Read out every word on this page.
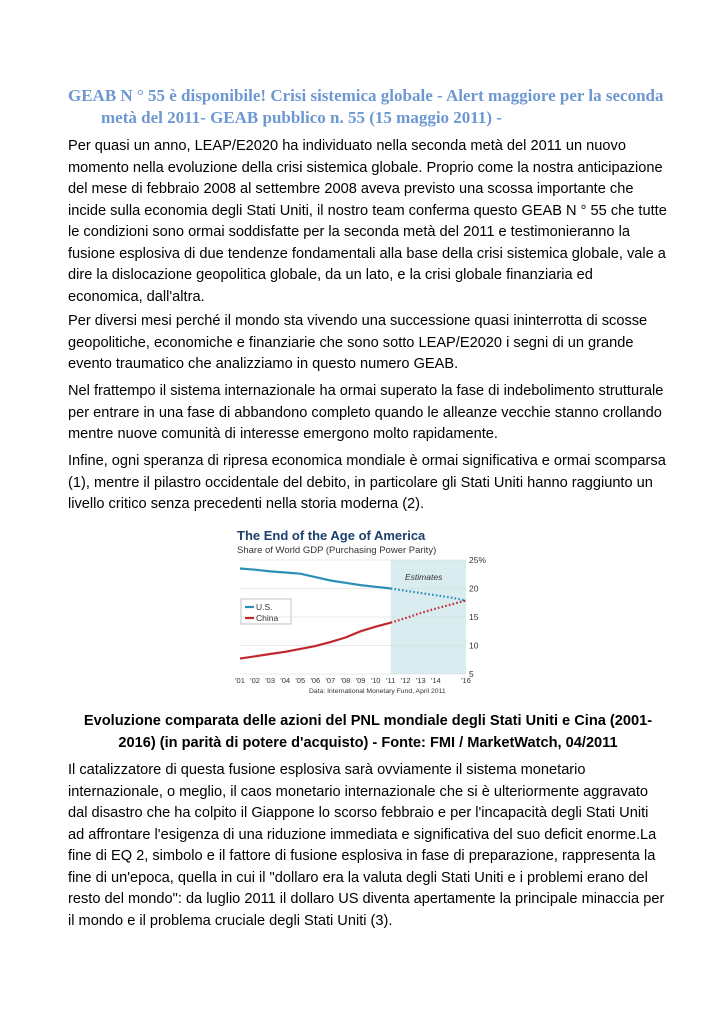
GEAB N ° 55 è disponibile! Crisi sistemica globale - Alert maggiore per la seconda
metà del 2011- GEAB pubblico n. 55 (15 maggio 2011) -

Per quasi un anno, LEAP/E2020 ha individuato nella seconda metà del 2011 un nuovo momento nella evoluzione della crisi sistemica globale. Proprio come la nostra anticipazione del mese di febbraio 2008 al settembre 2008 aveva previsto una scossa importante che incide sulla economia degli Stati Uniti, il nostro team conferma questo GEAB N ° 55 che tutte le condizioni sono ormai soddisfatte per la seconda metà del 2011 e testimonieranno la fusione esplosiva di due tendenze fondamentali alla base della crisi sistemica globale, vale a dire la dislocazione geopolitica globale, da un lato, e la crisi globale finanziaria ed economica, dall'altra.

Per diversi mesi perché il mondo sta vivendo una successione quasi ininterrotta di scosse geopolitiche, economiche e finanziarie che sono sotto LEAP/E2020 i segni di un grande evento traumatico che analizziamo in questo numero GEAB.

Nel frattempo il sistema internazionale ha ormai superato la fase di indebolimento strutturale per entrare in una fase di abbandono completo quando le alleanze vecchie stanno crollando mentre nuove comunità di interesse emergono molto rapidamente.

Infine, ogni speranza di ripresa economica mondiale è ormai significativa e ormai scomparsa (1), mentre il pilastro occidentale del debito, in particolare gli Stati Uniti hanno raggiunto un livello critico senza precedenti nella storia moderna (2).

The End of the Age of America
Share of World GDP (Purchasing Power Parity)
25%
20
15
10
5
'01 '02 '03 '04 '05 '06 '07 '08 '09 '10 '11 '12 '13 '14	'16
U.S.
China
Estimates
Data: International Monetary Fund, April 2011

Evoluzione comparata delle azioni del PNL mondiale degli Stati Uniti e Cina (2001-2016) (in parità di potere d'acquisto) - Fonte: FMI / MarketWatch, 04/2011

Il catalizzatore di questa fusione esplosiva sarà ovviamente il sistema monetario internazionale, o meglio, il caos monetario internazionale che si è ulteriormente aggravato dal disastro che ha colpito il Giappone lo scorso febbraio e per l'incapacità degli Stati Uniti ad affrontare l'esigenza di una riduzione immediata e significativa del suo deficit enorme.La fine di EQ 2, simbolo e il fattore di fusione esplosiva in fase di preparazione, rappresenta la fine di un'epoca, quella in cui il "dollaro era la valuta degli Stati Uniti e i problemi erano del resto del mondo": da luglio 2011 il dollaro US diventa apertamente la principale minaccia per il mondo e il problema cruciale degli Stati Uniti (3).
